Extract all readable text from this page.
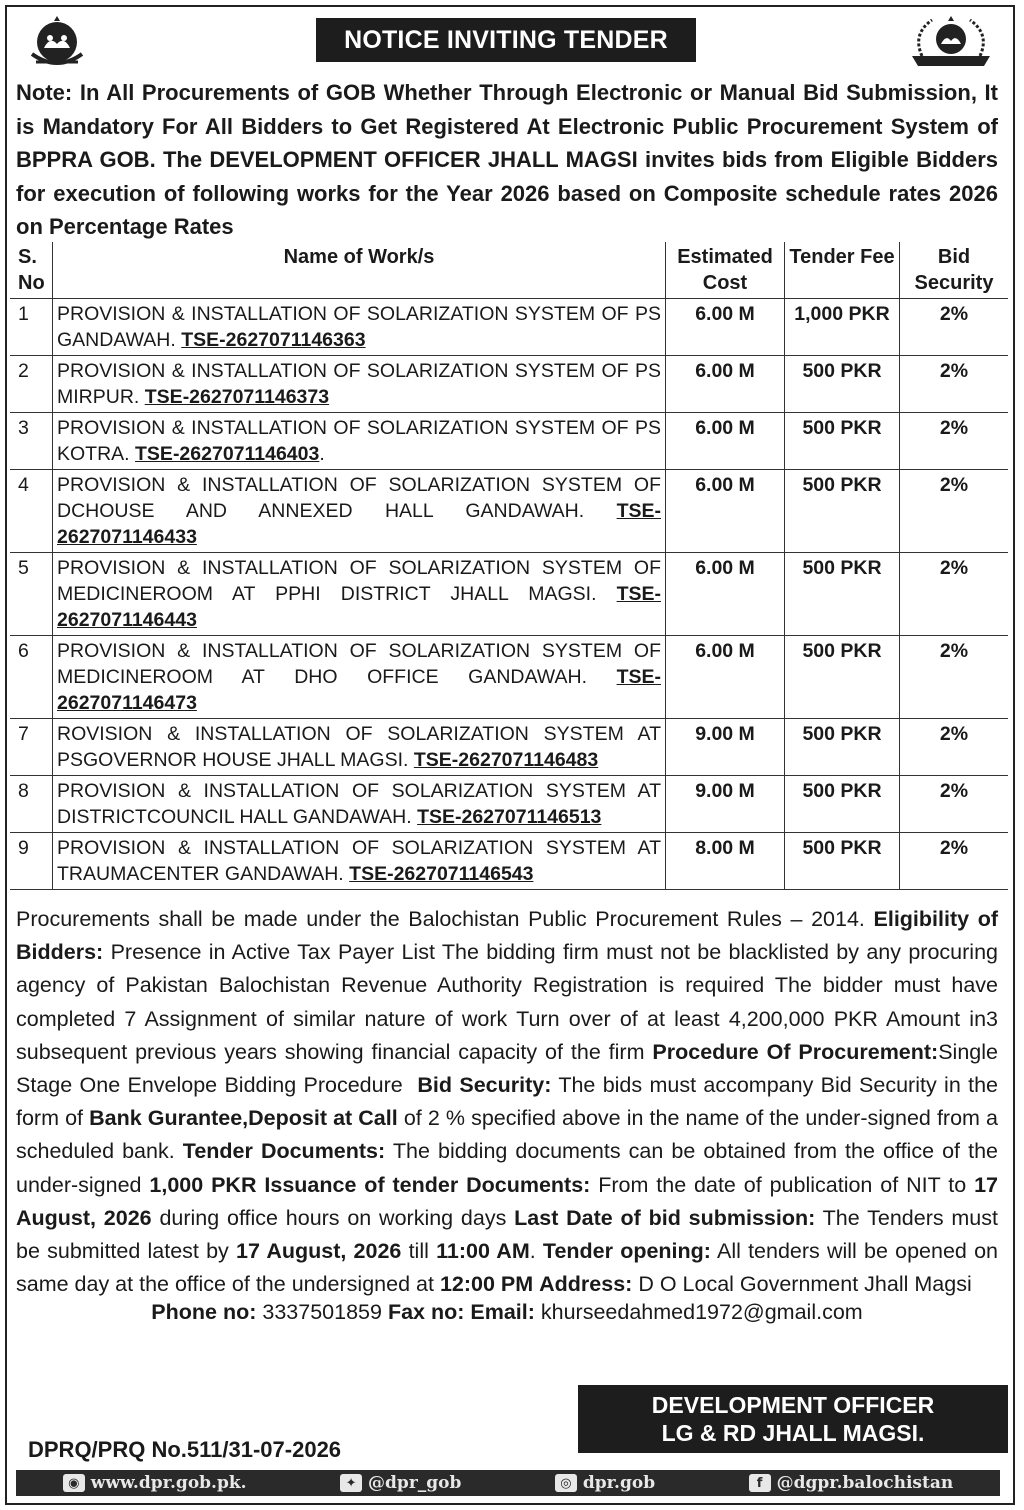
NOTICE INVITING TENDER

Note: In All Procurements of GOB Whether Through Electronic or Manual Bid Submission, It is Mandatory For All Bidders to Get Registered At Electronic Public Procurement System of BPPRA GOB. The DEVELOPMENT OFFICER JHALL MAGSI invites bids from Eligible Bidders for execution of following works for the Year 2026 based on Composite schedule rates 2026 on Percentage Rates

S. No	Name of Work/s	Estimated Cost	Tender Fee	Bid Security
1	PROVISION & INSTALLATION OF SOLARIZATION SYSTEM OF PS GANDAWAH. TSE-2627071146363	6.00 M	1,000 PKR	2%
2	PROVISION & INSTALLATION OF SOLARIZATION SYSTEM OF PS MIRPUR. TSE-2627071146373	6.00 M	500 PKR	2%
3	PROVISION & INSTALLATION OF SOLARIZATION SYSTEM OF PS KOTRA. TSE-2627071146403.	6.00 M	500 PKR	2%
4	PROVISION & INSTALLATION OF SOLARIZATION SYSTEM OF DCHOUSE AND ANNEXED HALL GANDAWAH. TSE-2627071146433	6.00 M	500 PKR	2%
5	PROVISION & INSTALLATION OF SOLARIZATION SYSTEM OF MEDICINEROOM AT PPHI DISTRICT JHALL MAGSI. TSE-2627071146443	6.00 M	500 PKR	2%
6	PROVISION & INSTALLATION OF SOLARIZATION SYSTEM OF MEDICINEROOM AT DHO OFFICE GANDAWAH. TSE-2627071146473	6.00 M	500 PKR	2%
7	ROVISION & INSTALLATION OF SOLARIZATION SYSTEM AT PSGOVERNOR HOUSE JHALL MAGSI. TSE-2627071146483	9.00 M	500 PKR	2%
8	PROVISION & INSTALLATION OF SOLARIZATION SYSTEM AT DISTRICTCOUNCIL HALL GANDAWAH. TSE-2627071146513	9.00 M	500 PKR	2%
9	PROVISION & INSTALLATION OF SOLARIZATION SYSTEM AT TRAUMACENTER GANDAWAH. TSE-2627071146543	8.00 M	500 PKR	2%

Procurements shall be made under the Balochistan Public Procurement Rules – 2014. Eligibility of Bidders: Presence in Active Tax Payer List The bidding firm must not be blacklisted by any procuring agency of Pakistan Balochistan Revenue Authority Registration is required The bidder must have completed 7 Assignment of similar nature of work Turn over of at least 4,200,000 PKR Amount in3 subsequent previous years showing financial capacity of the firm Procedure Of Procurement:Single Stage One Envelope Bidding Procedure Bid Security: The bids must accompany Bid Security in the form of Bank Gurantee,Deposit at Call of 2 % specified above in the name of the under-signed from a scheduled bank. Tender Documents: The bidding documents can be obtained from the office of the under-signed 1,000 PKR Issuance of tender Documents: From the date of publication of NIT to 17 August, 2026 during office hours on working days Last Date of bid submission: The Tenders must be submitted latest by 17 August, 2026 till 11:00 AM. Tender opening: All tenders will be opened on same day at the office of the undersigned at 12:00 PM Address: D O Local Government Jhall Magsi

Phone no: 3337501859 Fax no: Email: khurseedahmed1972@gmail.com

DEVELOPMENT OFFICER
LG & RD JHALL MAGSI.
DPRQ/PRQ No.511/31-07-2026
◉ www.dpr.gob.pk.	✦ @dpr_gob	◎ dpr.gob	f @dgpr.balochistan
